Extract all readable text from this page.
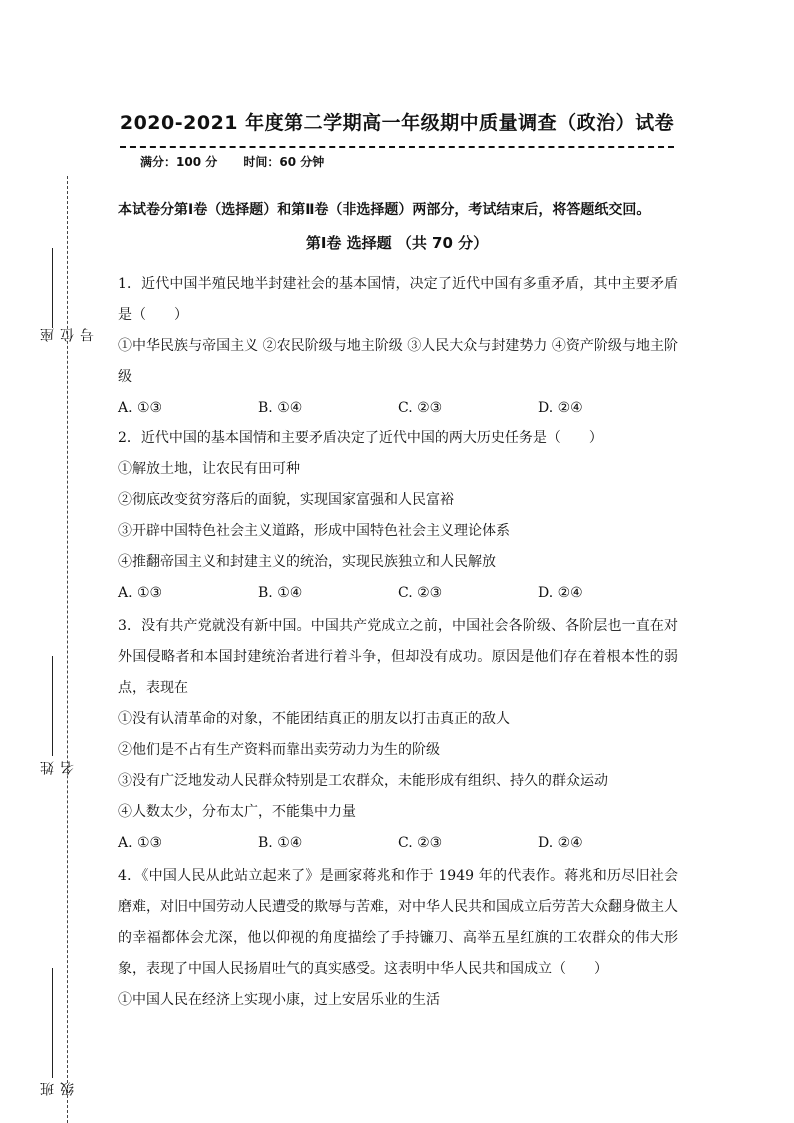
座位号
姓名
班级
2020-2021 年度第二学期高一年级期中质量调查（政治）试卷
满分：100 分 时间：60 分钟
本试卷分第Ⅰ卷（选择题）和第Ⅱ卷（非选择题）两部分，考试结束后，将答题纸交回。
第Ⅰ卷 选择题 （共 70 分）
1．近代中国半殖民地半封建社会的基本国情，决定了近代中国有多重矛盾，其中主要矛盾是（　　）
①中华民族与帝国主义 ②农民阶级与地主阶级 ③人民大众与封建势力 ④资产阶级与地主阶级
A. ①③	B. ①④	C. ②③	D. ②④
2．近代中国的基本国情和主要矛盾决定了近代中国的两大历史任务是（　　）
①解放土地，让农民有田可种
②彻底改变贫穷落后的面貌，实现国家富强和人民富裕
③开辟中国特色社会主义道路，形成中国特色社会主义理论体系
④推翻帝国主义和封建主义的统治，实现民族独立和人民解放
A. ①③	B. ①④	C. ②③	D. ②④
3．没有共产党就没有新中国。中国共产党成立之前，中国社会各阶级、各阶层也一直在对外国侵略者和本国封建统治者进行着斗争，但却没有成功。原因是他们存在着根本性的弱点，表现在
①没有认清革命的对象，不能团结真正的朋友以打击真正的敌人
②他们是不占有生产资料而靠出卖劳动力为生的阶级
③没有广泛地发动人民群众特别是工农群众，未能形成有组织、持久的群众运动
④人数太少，分布太广，不能集中力量
A. ①③	B. ①④	C. ②③	D. ②④
4．《中国人民从此站立起来了》是画家蒋兆和作于 1949 年的代表作。蒋兆和历尽旧社会磨难，对旧中国劳动人民遭受的欺辱与苦难，对中华人民共和国成立后劳苦大众翻身做主人的幸福都体会尤深，他以仰视的角度描绘了手持镰刀、高举五星红旗的工农群众的伟大形象，表现了中国人民扬眉吐气的真实感受。这表明中华人民共和国成立（　　）
①中国人民在经济上实现小康，过上安居乐业的生活
